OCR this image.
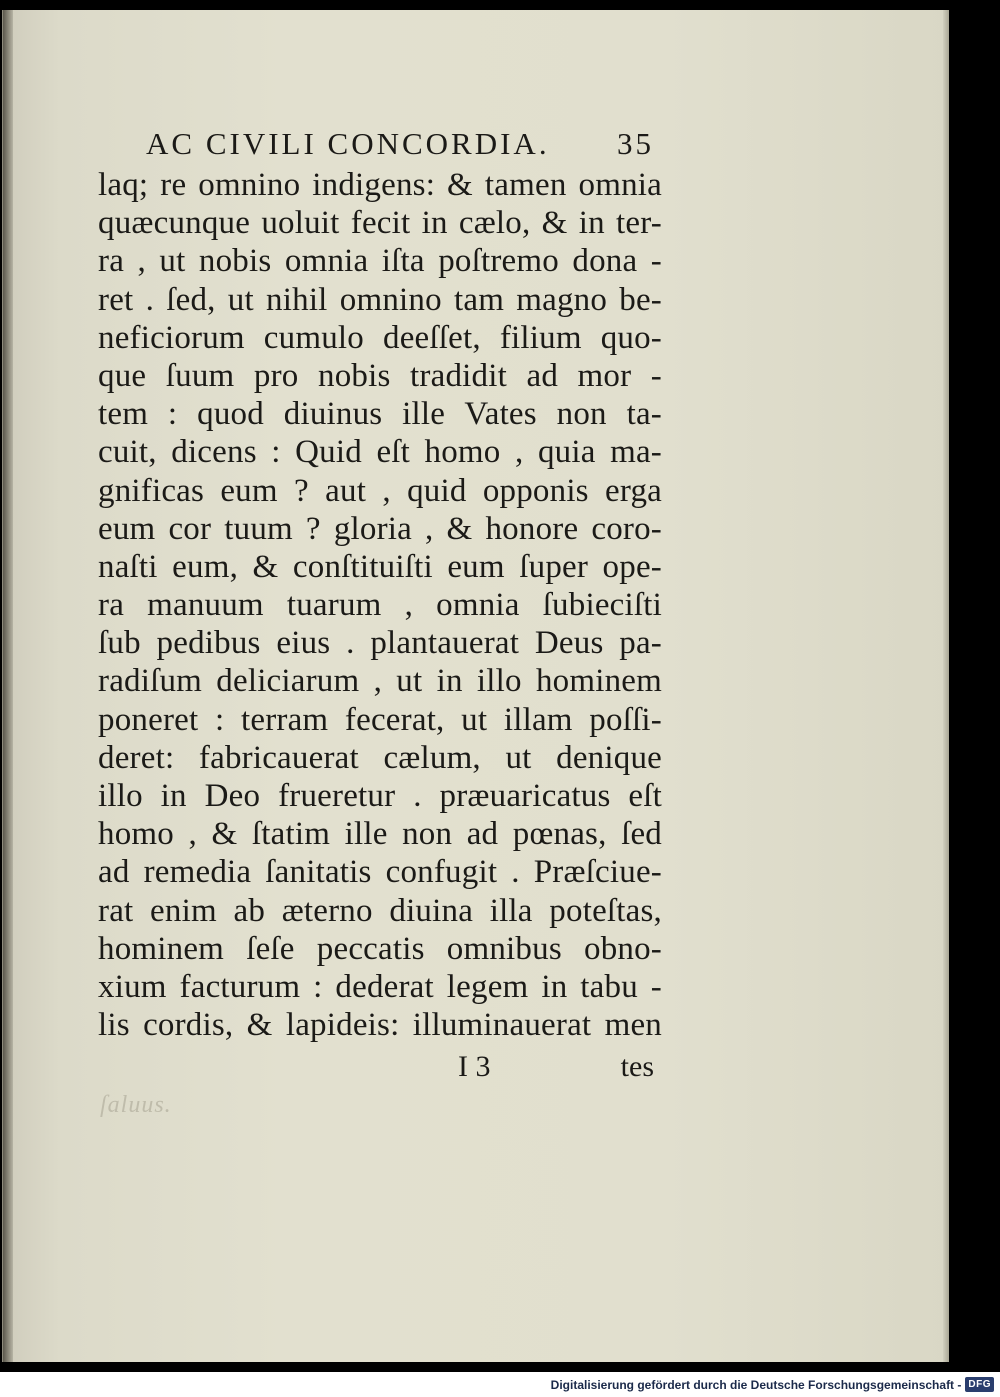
AC CIVILI CONCORDIA. 35
laq; re omnino indigens: & tamen omnia
quæcunque uoluit fecit in cælo, & in ter-
ra , ut nobis omnia iſta poſtremo dona -
ret . ſed, ut nihil omnino tam magno be-
neficiorum cumulo deeſſet, filium quo-
que ſuum pro nobis tradidit ad mor -
tem : quod diuinus ille Vates non ta-
cuit, dicens : Quid eſt homo , quia ma-
gnificas eum ? aut , quid opponis erga
eum cor tuum ? gloria , & honore coro-
naſti eum, & conſtituiſti eum ſuper ope-
ra manuum tuarum , omnia ſubieciſti
ſub pedibus eius . plantauerat Deus pa-
radiſum deliciarum , ut in illo hominem
poneret : terram fecerat, ut illam poſſi-
deret: fabricauerat cælum, ut denique
illo in Deo frueretur . præuaricatus eſt
homo , & ſtatim ille non ad pœnas, ſed
ad remedia ſanitatis confugit . Præſciue-
rat enim ab æterno diuina illa poteſtas,
hominem ſeſe peccatis omnibus obno-
xium facturum : dederat legem in tabu -
lis cordis, & lapideis: illuminauerat men
I 3	tes
ſaluus.
Digitalisierung gefördert durch die Deutsche Forschungsgemeinschaft - DFG
